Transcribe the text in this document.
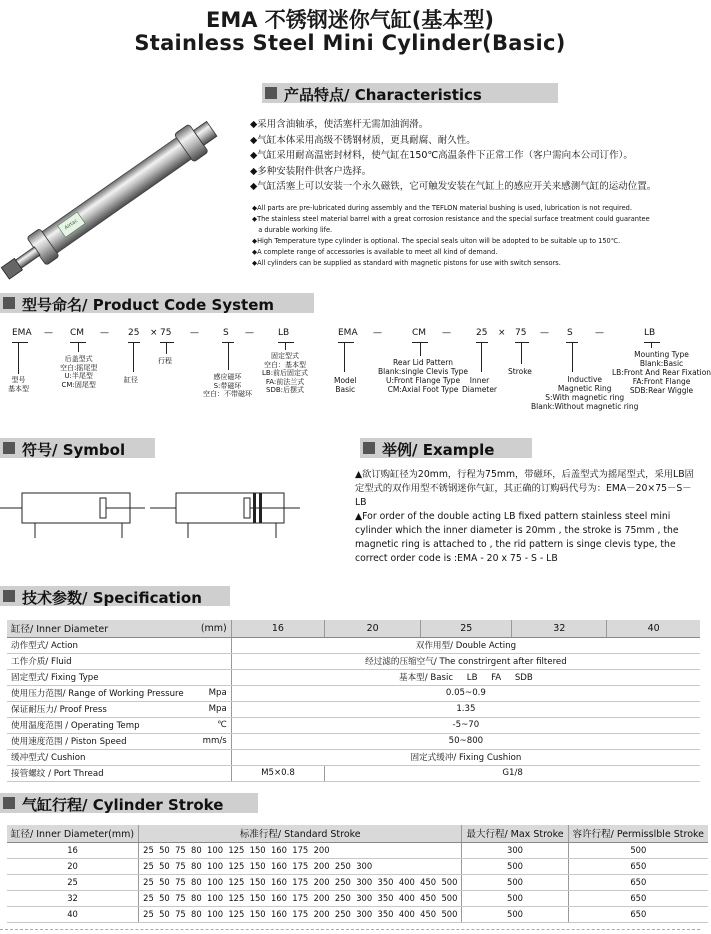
EMA 不锈钢迷你气缸(基本型)
Stainless Steel Mini Cylinder(Basic)
产品特点/ Characteristics
Airtac
◆采用含油轴承，使活塞杆无需加油润滑。
◆气缸本体采用高级不锈钢材质，更具耐腐、耐久性。
◆气缸采用耐高温密封材料，使气缸在150℃高温条件下正常工作（客户需向本公司订作）。
◆多种安装附件供客户选择。
◆气缸活塞上可以安装一个永久磁铁，它可触发安装在气缸上的感应开关来感测气缸的运动位置。
◆All parts are pre-lubricated during assembly and the TEFLON material bushing is used, lubrication is not required.
◆The stainless steel material barrel with a great corrosion resistance and the special surface treatment could guarantee
a durable working life.
◆High Temperature type cylinder is optional. The special seals uiton will be adopted to be suitable up to 150℃.
◆A complete range of accessories is available to meet all kind of demand.
◆All cylinders can be supplied as standard with magnetic pistons for use with switch sensors.
型号命名/ Product Code System
EMA — CM — 25 × 75 —	S —	LB
型号
基本型
后盖型式
空白:摇尾型
U:半尾型
CM:固尾型
缸径
行程
感应磁环
S:带磁环
空白：不带磁环
固定型式
空白：基本型
LB:前后固定式
FA:前法兰式
SDB:后摆式
EMA —	CM —	25 × 75 — S —	LB
Model
Basic
Rear Lid Pattern
Blank:single Clevis Type
U:Front Flange Type
CM:Axial Foot Type
Inner
Diameter
Stroke
Inductive
Magnetic Ring
S:With magnetic ring
Blank:Without magnetic ring
Mounting Type
Blank:Basic
LB:Front And Rear Fixation
FA:Front Flange
SDB:Rear Wiggle
符号/ Symbol	举例/ Example
▲欲订购缸径为20mm，行程为75mm，带磁环，后盖型式为摇尾型式，采用LB固定型式的双作用型不锈钢迷你气缸，其正确的订购码代号为：EMA－20×75－S－LB
▲For order of the double acting LB fixed pattern stainless steel mini cylinder which the inner diameter is 20mm , the stroke is 75mm , the magnetic ring is attached to , the rid pattern is singe clevis type, the correct order code is :EMA - 20 x 75 - S - LB
技术参数/ Specification
缸径/ Inner Diameter	(mm)	16	20	25	32	40
动作型式/ Action		双作用型/ Double Acting				
工作介质/ Fluid		经过滤的压缩空气/ The constrirgent after filtered				
固定型式/ Fixing Type		基本型/ Basic     LB     FA     SDB				
使用压力范围/ Range of Working Pressure	Mpa	0.05~0.9				
保证耐压力/ Proof Press	Mpa	1.35				
使用温度范围 / Operating Temp	℃	-5~70				
使用速度范围 / Piston Speed	mm/s	50~800				
缓冲型式/ Cushion		固定式缓冲/ Fixing Cushion				
接管螺纹 / Port Thread		M5×0.8	G1/8			
气缸行程/ Cylinder Stroke
缸径/ Inner Diameter(mm)	标准行程/ Standard Stroke	最大行程/ Max Stroke	容许行程/ Permisslble Stroke
16	25  50  75  80  100  125  150  160  175  200	300	500
20	25  50  75  80  100  125  150  160  175  200  250  300	500	650
25	25  50  75  80  100  125  150  160  175  200  250  300  350  400  450  500	500	650
32	25  50  75  80  100  125  150  160  175  200  250  300  350  400  450  500	500	650
40	25  50  75  80  100  125  150  160  175  200  250  300  350  400  450  500	500	650
